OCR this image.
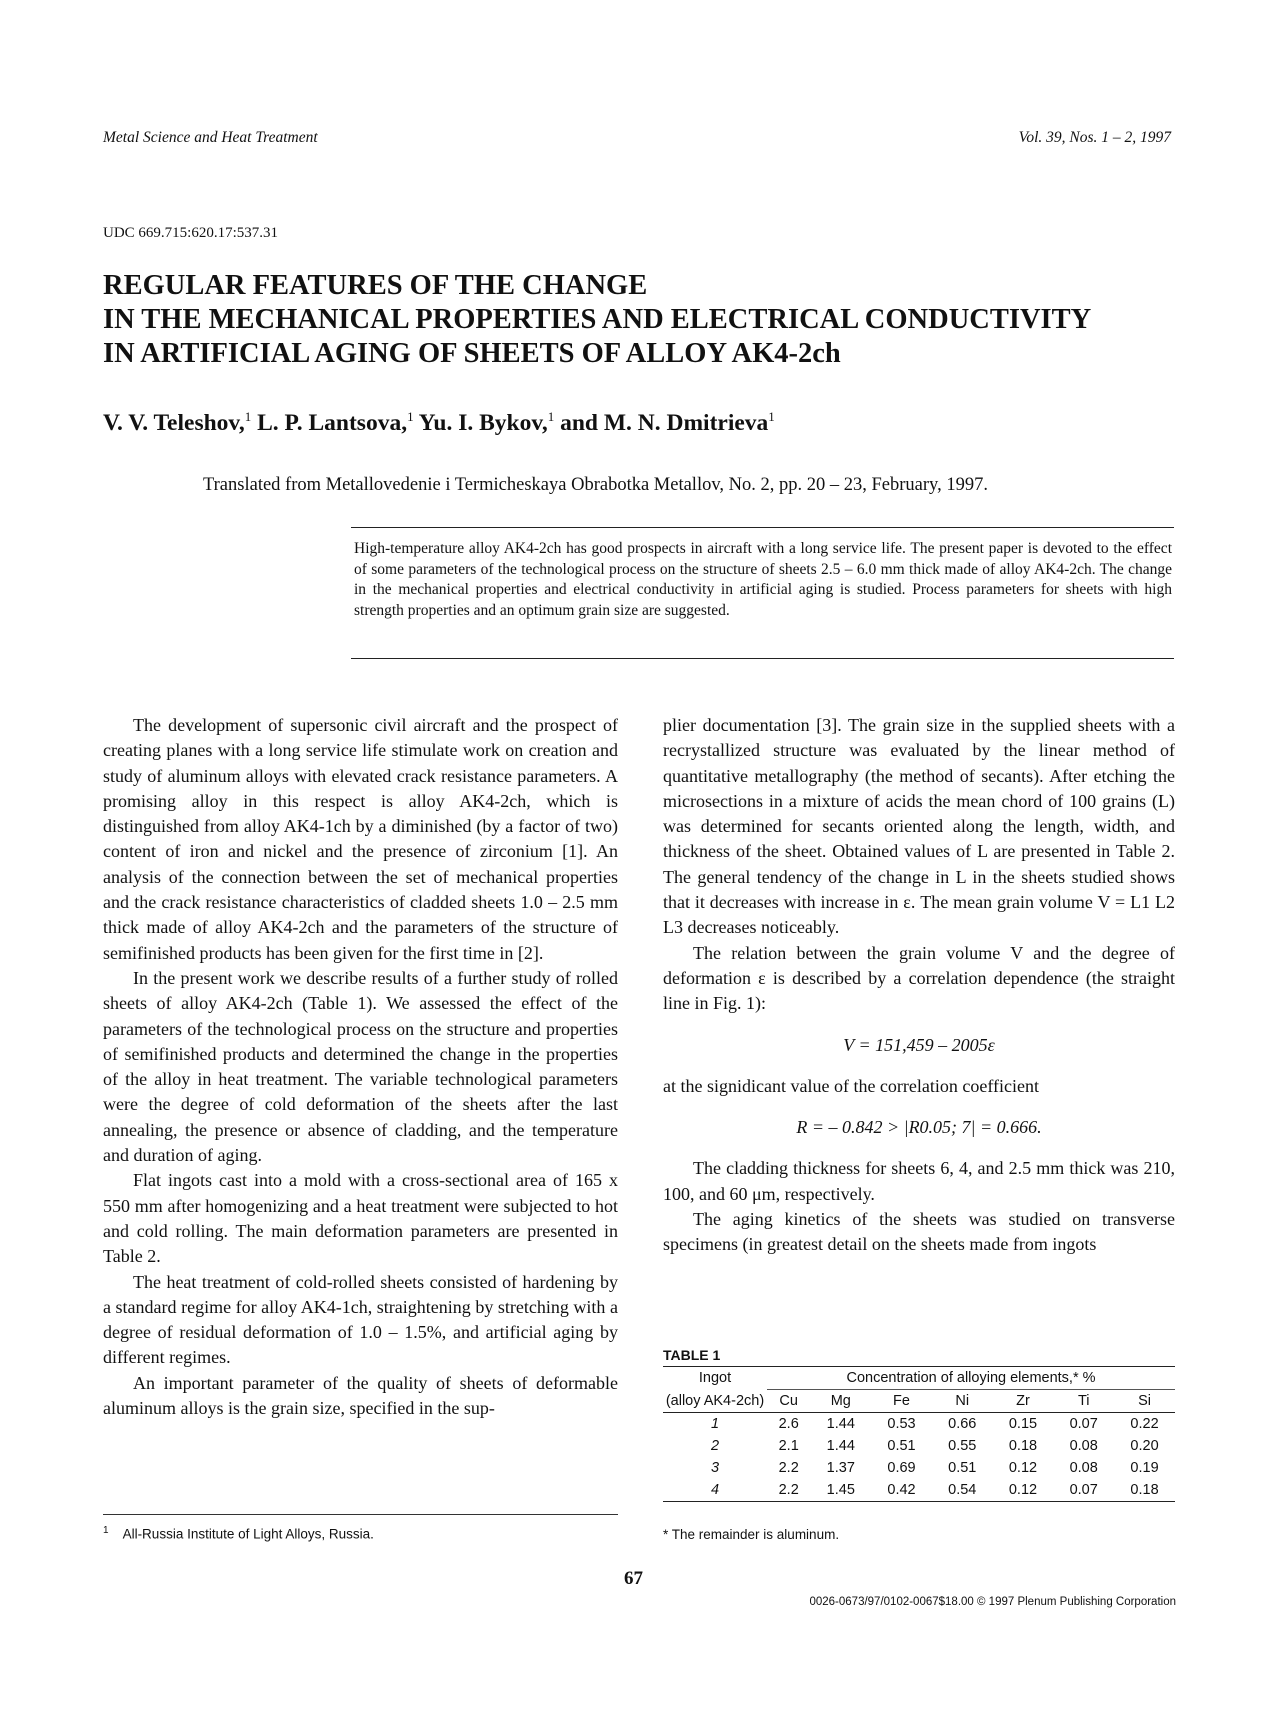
Metal Science and Heat Treatment	Vol. 39, Nos. 1 – 2, 1997
UDC 669.715:620.17:537.31
REGULAR FEATURES OF THE CHANGE
IN THE MECHANICAL PROPERTIES AND ELECTRICAL CONDUCTIVITY
IN ARTIFICIAL AGING OF SHEETS OF ALLOY AK4-2ch
V. V. Teleshov,$^1$ L. P. Lantsova,$^1$ Yu. I. Bykov,$^1$ and M. N. Dmitrieva$^1$
Translated from Metallovedenie i Termicheskaya Obrabotka Metallov, No. 2, pp. 20 – 23, February, 1997.

High-temperature alloy AK4-2ch has good prospects in aircraft with a long service life. The present paper is devoted to the effect of some parameters of the technological process on the structure of sheets 2.5 – 6.0 mm thick made of alloy AK4-2ch. The change in the mechanical properties and electrical conductivity in artificial aging is studied. Process parameters for sheets with high strength properties and an optimum grain size are suggested.

The development of supersonic civil aircraft and the prospect of creating planes with a long service life stimulate work on creation and study of aluminum alloys with elevated crack resistance parameters. A promising alloy in this respect is alloy AK4-2ch, which is distinguished from alloy AK4-1ch by a diminished (by a factor of two) content of iron and nickel and the presence of zirconium [1]. An analysis of the connection between the set of mechanical properties and the crack resistance characteristics of cladded sheets 1.0 – 2.5 mm thick made of alloy AK4-2ch and the parameters of the structure of semifinished products has been given for the first time in [2].

In the present work we describe results of a further study of rolled sheets of alloy AK4-2ch (Table 1). We assessed the effect of the parameters of the technological process on the structure and properties of semifinished products and determined the change in the properties of the alloy in heat treatment. The variable technological parameters were the degree of cold deformation of the sheets after the last annealing, the presence or absence of cladding, and the temperature and duration of aging.

Flat ingots cast into a mold with a cross-sectional area of 165 x 550 mm after homogenizing and a heat treatment were subjected to hot and cold rolling. The main deformation parameters are presented in Table 2.

The heat treatment of cold-rolled sheets consisted of hardening by a standard regime for alloy AK4-1ch, straightening by stretching with a degree of residual deformation of 1.0 – 1.5%, and artificial aging by different regimes.

An important parameter of the quality of sheets of deformable aluminum alloys is the grain size, specified in the sup-

plier documentation [3]. The grain size in the supplied sheets with a recrystallized structure was evaluated by the linear method of quantitative metallography (the method of secants). After etching the microsections in a mixture of acids the mean chord of 100 grains (L) was determined for secants oriented along the length, width, and thickness of the sheet. Obtained values of L are presented in Table 2. The general tendency of the change in L in the sheets studied shows that it decreases with increase in ε. The mean grain volume V = L1 L2 L3 decreases noticeably.

The relation between the grain volume V and the degree of deformation ε is described by a correlation dependence (the straight line in Fig. 1):

V = 151,459 – 2005ε

at the signidicant value of the correlation coefficient

R = – 0.842 > |R0.05; 7| = 0.666.

The cladding thickness for sheets 6, 4, and 2.5 mm thick was 210, 100, and 60 μm, respectively.

The aging kinetics of the sheets was studied on transverse specimens (in greatest detail on the sheets made from ingots

TABLE 1
Ingot	Concentration of alloying elements,* %						
(alloy AK4-2ch)	Cu	Mg	Fe	Ni	Zr	Ti	Si
1	2.6	1.44	0.53	0.66	0.15	0.07	0.22
2	2.1	1.44	0.51	0.55	0.18	0.08	0.20
3	2.2	1.37	0.69	0.51	0.12	0.08	0.19
4	2.2	1.45	0.42	0.54	0.12	0.07	0.18
* The remainder is aluminum.
$^1$ All-Russia Institute of Light Alloys, Russia.
67
0026-0673/97/0102-0067$18.00 © 1997 Plenum Publishing Corporation
